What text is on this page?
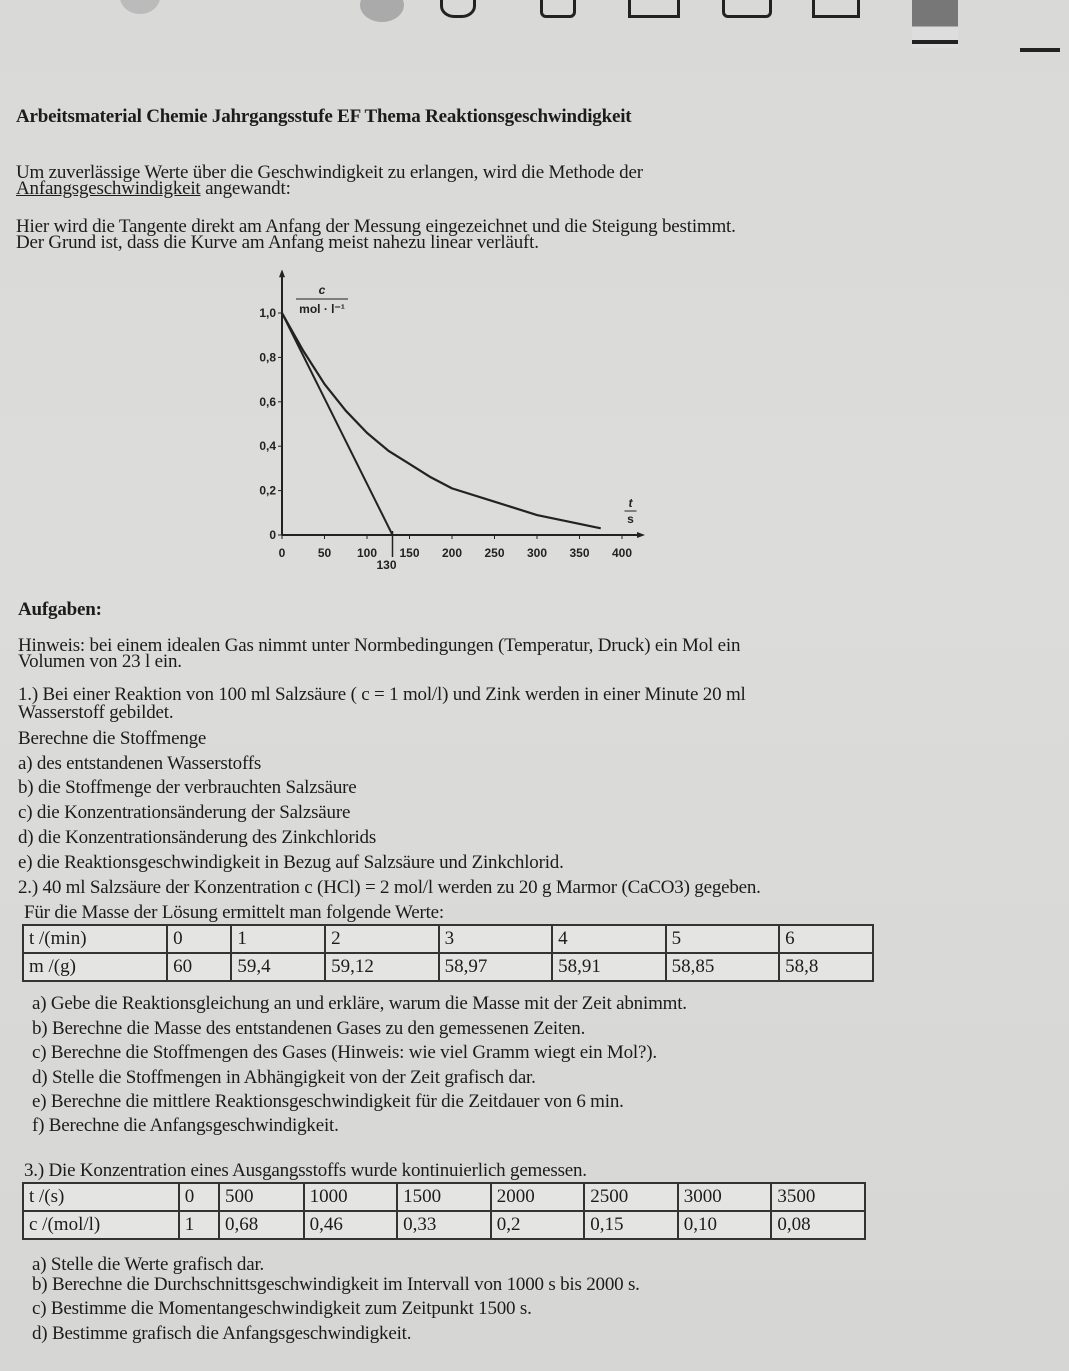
Arbeitsmaterial Chemie Jahrgangsstufe EF Thema Reaktionsgeschwindigkeit
Um zuverlässige Werte über die Geschwindigkeit zu erlangen, wird die Methode der
Anfangsgeschwindigkeit angewandt:
Hier wird die Tangente direkt am Anfang der Messung eingezeichnet und die Steigung bestimmt.
Der Grund ist, dass die Kurve am Anfang meist nahezu linear verläuft.
0	50 100 150 200 250 300 350 400
0
0,2
0,4
0,6
0,8
1,0
c
mol · l⁻¹
t
s
130
Aufgaben:
Hinweis: bei einem idealen Gas nimmt unter Normbedingungen (Temperatur, Druck) ein Mol ein
Volumen von 23 l ein.
1.) Bei einer Reaktion von 100 ml Salzsäure ( c = 1 mol/l) und Zink werden in einer Minute 20 ml
Wasserstoff gebildet.
Berechne die Stoffmenge
a) des entstandenen Wasserstoffs
b) die Stoffmenge der verbrauchten Salzsäure
c) die Konzentrationsänderung der Salzsäure
d) die Konzentrationsänderung des Zinkchlorids
e) die Reaktionsgeschwindigkeit in Bezug auf Salzsäure und Zinkchlorid.
2.) 40 ml Salzsäure der Konzentration c (HCl) = 2 mol/l werden zu 20 g Marmor (CaCO3) gegeben.
Für die Masse der Lösung ermittelt man folgende Werte:
t /(min)	0	1	2	3	4	5	6
m /(g)	60	59,4	59,12	58,97	58,91	58,85	58,8
a) Gebe die Reaktionsgleichung an und erkläre, warum die Masse mit der Zeit abnimmt.
b) Berechne die Masse des entstandenen Gases zu den gemessenen Zeiten.
c) Berechne die Stoffmengen des Gases (Hinweis: wie viel Gramm wiegt ein Mol?).
d) Stelle die Stoffmengen in Abhängigkeit von der Zeit grafisch dar.
e) Berechne die mittlere Reaktionsgeschwindigkeit für die Zeitdauer von 6 min.
f) Berechne die Anfangsgeschwindigkeit.
3.) Die Konzentration eines Ausgangsstoffs wurde kontinuierlich gemessen.
t /(s)	0	500	1000	1500	2000	2500	3000	3500
c /(mol/l)	1	0,68	0,46	0,33	0,2	0,15	0,10	0,08
a) Stelle die Werte grafisch dar.
b) Berechne die Durchschnittsgeschwindigkeit im Intervall von 1000 s bis 2000 s.
c) Bestimme die Momentangeschwindigkeit zum Zeitpunkt 1500 s.
d) Bestimme grafisch die Anfangsgeschwindigkeit.
